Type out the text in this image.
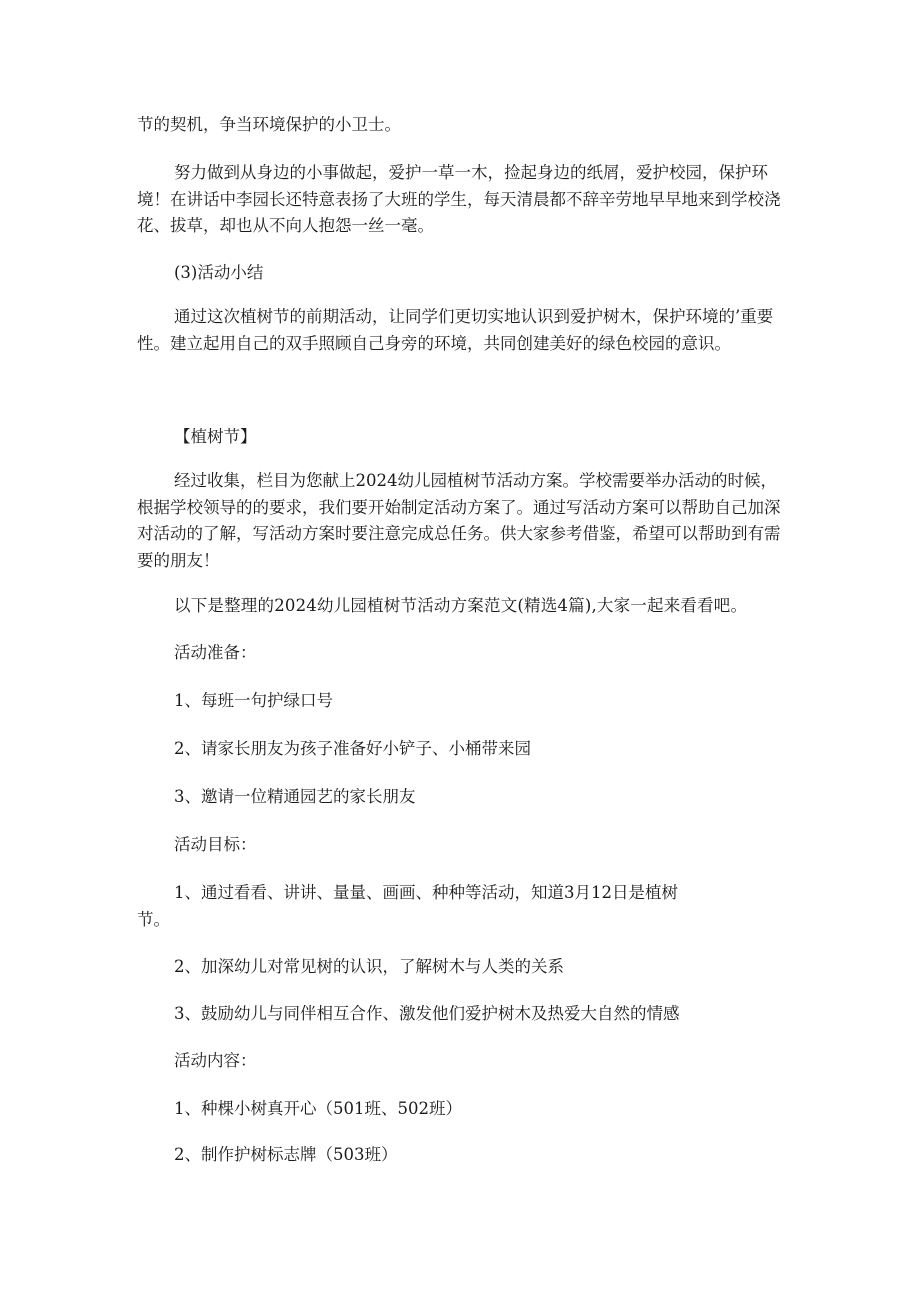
节的契机，争当环境保护的小卫士。

努力做到从身边的小事做起，爱护一草一木，捡起身边的纸屑，爱护校园，保护环境！在讲话中李园长还特意表扬了大班的学生，每天清晨都不辞辛劳地早早地来到学校浇花、拔草，却也从不向人抱怨一丝一毫。

(3)活动小结

通过这次植树节的前期活动，让同学们更切实地认识到爱护树木，保护环境的’重要性。建立起用自己的双手照顾自己身旁的环境，共同创建美好的绿色校园的意识。

【植树节】

经过收集，栏目为您献上2024幼儿园植树节活动方案。学校需要举办活动的时候，根据学校领导的的要求，我们要开始制定活动方案了。通过写活动方案可以帮助自己加深对活动的了解，写活动方案时要注意完成总任务。供大家参考借鉴，希望可以帮助到有需要的朋友！

以下是整理的2024幼儿园植树节活动方案范文(精选4篇),大家一起来看看吧。

活动准备：

1、每班一句护绿口号

2、请家长朋友为孩子准备好小铲子、小桶带来园

3、邀请一位精通园艺的家长朋友

活动目标：

1、通过看看、讲讲、量量、画画、种种等活动，知道3月12日是植树节。

2、加深幼儿对常见树的认识，了解树木与人类的关系

3、鼓励幼儿与同伴相互合作、激发他们爱护树木及热爱大自然的情感

活动内容：

1、种棵小树真开心（501班、502班）

2、制作护树标志牌（503班）
